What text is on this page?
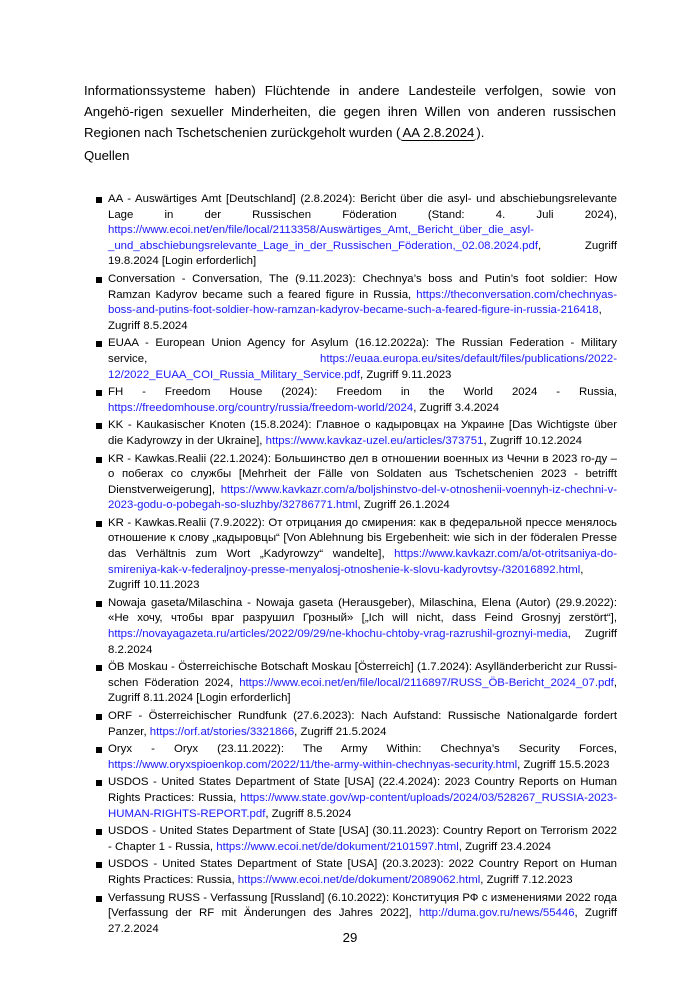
Informationssysteme haben) Flüchtende in andere Landesteile verfolgen, sowie von Angehö-rigen sexueller Minderheiten, die gegen ihren Willen von anderen russischen Regionen nach Tschetschenien zurückgeholt wurden ( AA 2.8.2024 ).

Quellen

AA - Auswärtiges Amt [Deutschland] (2.8.2024): Bericht über die asyl- und abschiebungsrelevante Lage in der Russischen Föderation (Stand: 4. Juli 2024), https://www.ecoi.net/en/file/local/2113358/Auswärtiges_Amt,_Bericht_über_die_asyl-_und_abschiebungsrelevante_Lage_in_der_Russischen_Föderation,_02.08.2024.pdf, Zugriff 19.8.2024 [Login erforderlich]
Conversation - Conversation, The (9.11.2023): Chechnya’s boss and Putin’s foot soldier: How Ramzan Kadyrov became such a feared figure in Russia, https://theconversation.com/chechnyas-boss-and-putins-foot-soldier-how-ramzan-kadyrov-became-such-a-feared-figure-in-russia-216418, Zugriff 8.5.2024
EUAA - European Union Agency for Asylum (16.12.2022a): The Russian Federation - Military service, https://euaa.europa.eu/sites/default/files/publications/2022-12/2022_EUAA_COI_Russia_Military_Service.pdf, Zugriff 9.11.2023
FH - Freedom House (2024): Freedom in the World 2024 - Russia, https://freedomhouse.org/country/russia/freedom-world/2024, Zugriff 3.4.2024
KK - Kaukasischer Knoten (15.8.2024): Главное о кадыровцах на Украине [Das Wichtigste über die Kadyrowzy in der Ukraine], https://www.kavkaz-uzel.eu/articles/373751, Zugriff 10.12.2024
KR - Kawkas.Realii (22.1.2024): Большинство дел в отношении военных из Чечни в 2023 го-ду – о побегах со службы [Mehrheit der Fälle von Soldaten aus Tschetschenien 2023 - betrifft Dienstverweigerung], https://www.kavkazr.com/a/boljshinstvo-del-v-otnoshenii-voennyh-iz-chechni-v-2023-godu-o-pobegah-so-sluzhby/32786771.html, Zugriff 26.1.2024
KR - Kawkas.Realii (7.9.2022): От отрицания до смирения: как в федеральной прессе менялось отношение к слову „кадыровцы“ [Von Ablehnung bis Ergebenheit: wie sich in der föderalen Presse das Verhältnis zum Wort „Kadyrowzy“ wandelte], https://www.kavkazr.com/a/ot-otritsaniya-do-smireniya-kak-v-federaljnoy-presse-menyalosj-otnoshenie-k-slovu-kadyrovtsy-/32016892.html, Zugriff 10.11.2023
Nowaja gaseta/Milaschina - Nowaja gaseta (Herausgeber), Milaschina, Elena (Autor) (29.9.2022): «Не хочу, чтобы враг разрушил Грозный» [„Ich will nicht, dass Feind Grosnyj zerstört“], https://novayagazeta.ru/articles/2022/09/29/ne-khochu-chtoby-vrag-razrushil-groznyi-media, Zugriff 8.2.2024
ÖB Moskau - Österreichische Botschaft Moskau [Österreich] (1.7.2024): Asylländerbericht zur Russi-schen Föderation 2024, https://www.ecoi.net/en/file/local/2116897/RUSS_ÖB-Bericht_2024_07.pdf, Zugriff 8.11.2024 [Login erforderlich]
ORF - Österreichischer Rundfunk (27.6.2023): Nach Aufstand: Russische Nationalgarde fordert Panzer, https://orf.at/stories/3321866, Zugriff 21.5.2024
Oryx - Oryx (23.11.2022): The Army Within: Chechnya’s Security Forces, https://www.oryxspioenkop.com/2022/11/the-army-within-chechnyas-security.html, Zugriff 15.5.2023
USDOS - United States Department of State [USA] (22.4.2024): 2023 Country Reports on Human Rights Practices: Russia, https://www.state.gov/wp-content/uploads/2024/03/528267_RUSSIA-2023-HUMAN-RIGHTS-REPORT.pdf, Zugriff 8.5.2024
USDOS - United States Department of State [USA] (30.11.2023): Country Report on Terrorism 2022 - Chapter 1 - Russia, https://www.ecoi.net/de/dokument/2101597.html, Zugriff 23.4.2024
USDOS - United States Department of State [USA] (20.3.2023): 2022 Country Report on Human Rights Practices: Russia, https://www.ecoi.net/de/dokument/2089062.html, Zugriff 7.12.2023
Verfassung RUSS - Verfassung [Russland] (6.10.2022): Конституция РФ с изменениями 2022 года [Verfassung der RF mit Änderungen des Jahres 2022], http://duma.gov.ru/news/55446, Zugriff 27.2.2024

29
